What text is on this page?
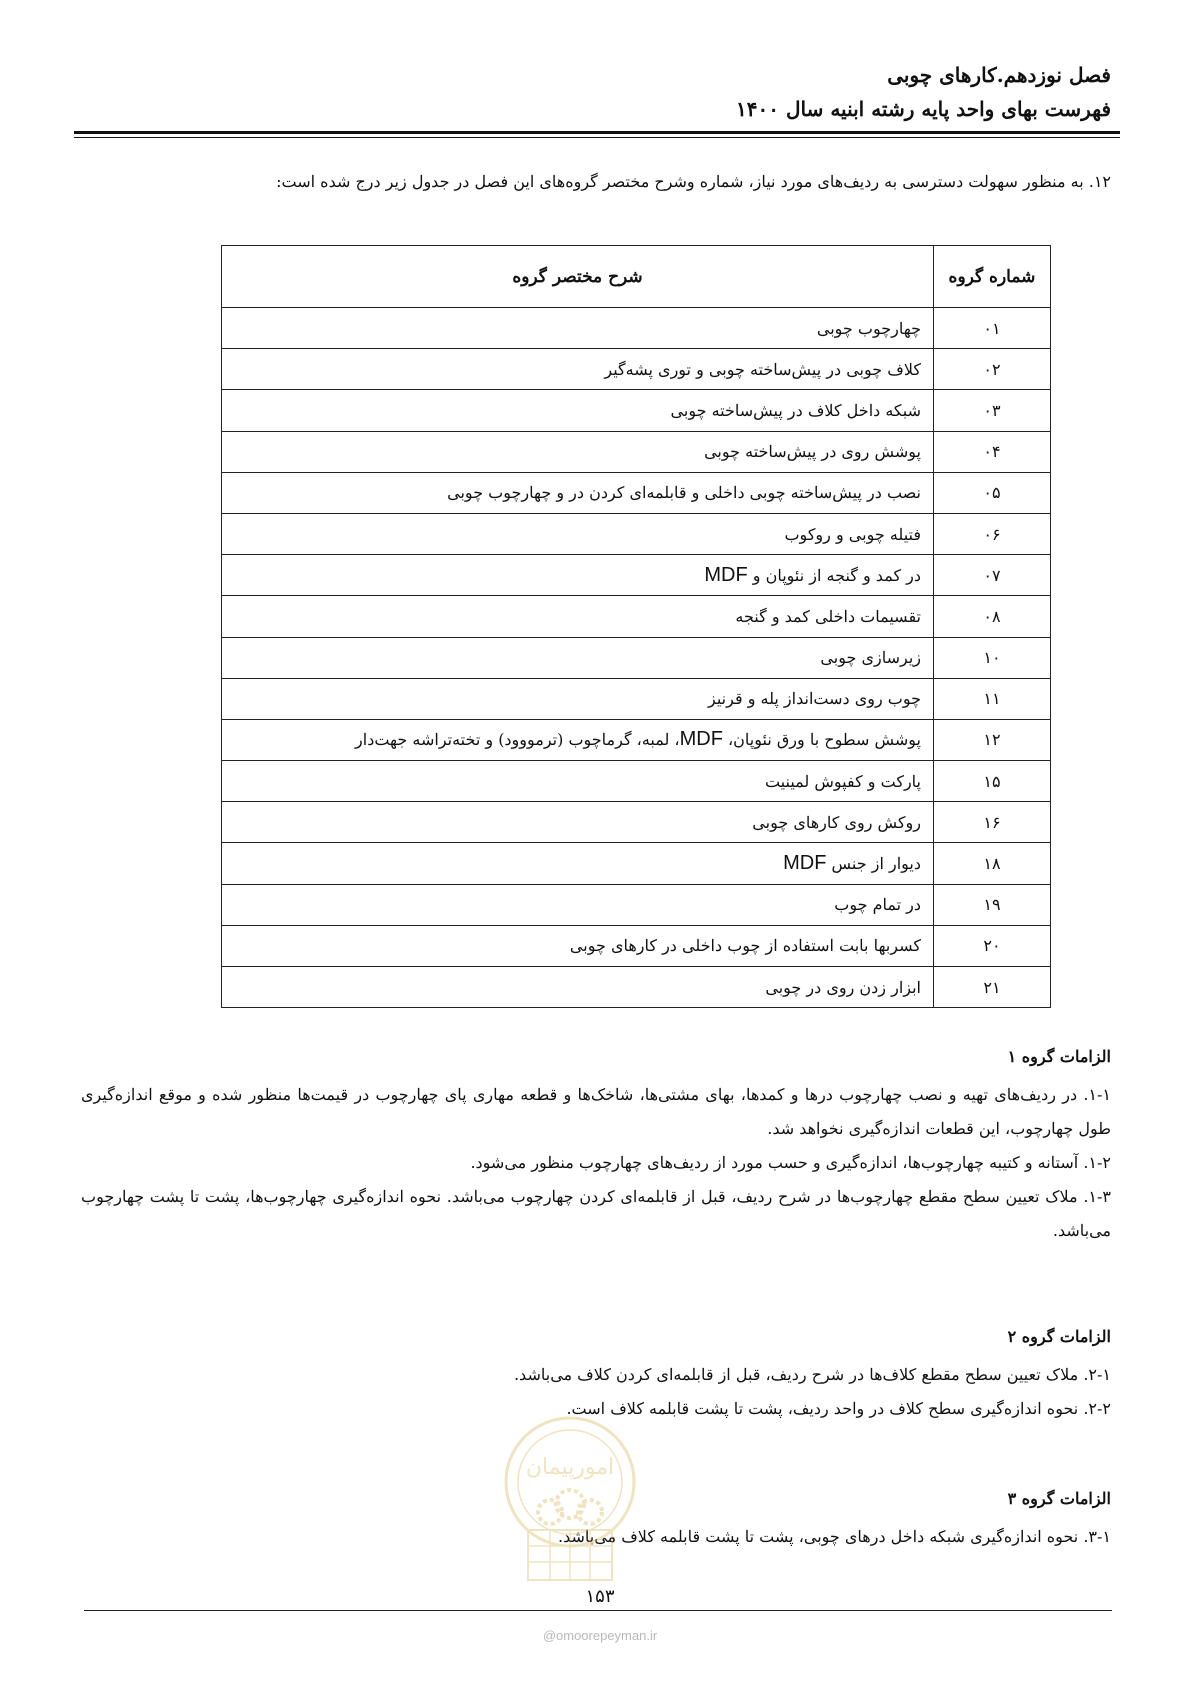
فصل نوزدهم.کارهای چوبی
فهرست بهای واحد پایه رشته ابنیه سال ۱۴۰۰

۱۲. به منظور سهولت دسترسی به ردیف‌های مورد نیاز، شماره وشرح مختصر گروه‌های این فصل در جدول زیر درج شده است:

شماره گروه	شرح مختصر گروه
۰۱	چهارچوب چوبی
۰۲	کلاف چوبی در پیش‌ساخته چوبی و توری پشه‌گیر
۰۳	شبکه داخل کلاف در پیش‌ساخته چوبی
۰۴	پوشش روی در پیش‌ساخته چوبی
۰۵	نصب در پیش‌ساخته چوبی داخلی و قابلمه‌ای کردن در و چهارچوب چوبی
۰۶	فتیله چوبی و روکوب
۰۷	در کمد و گنجه از نئوپان و MDF
۰۸	تقسیمات داخلی کمد و گنجه
۱۰	زیرسازی چوبی
۱۱	چوب روی دست‌انداز پله و قرنیز
۱۲	پوشش سطوح با ورق نئوپان، MDF، لمبه، گرماچوب (ترمووود) و تخته‌تراشه جهت‌دار
۱۵	پارکت و کفپوش لمینیت
۱۶	روکش روی کارهای چوبی
۱۸	دیوار از جنس MDF
۱۹	در تمام چوب
۲۰	کسربها بابت استفاده از چوب داخلی در کارهای چوبی
۲۱	ابزار زدن روی در چوبی
الزامات گروه ۱

۱-۱. در ردیف‌های تهیه و نصب چهارچوب درها و کمدها، بهای مشتی‌ها، شاخک‌ها و قطعه مهاری پای چهارچوب در قیمت‌ها منظور شده و موقع اندازه‌گیری طول چهارچوب، این قطعات اندازه‌گیری نخواهد شد.

۱-۲. آستانه و کتیبه چهارچوب‌ها، اندازه‌گیری و حسب مورد از ردیف‌های چهارچوب منظور می‌شود.

۱-۳. ملاک تعیین سطح مقطع چهارچوب‌ها در شرح ردیف، قبل از قابلمه‌ای کردن چهارچوب می‌باشد. نحوه اندازه‌گیری چهارچوب‌ها، پشت تا پشت چهارچوب می‌باشد.

الزامات گروه ۲

۲-۱. ملاک تعیین سطح مقطع کلاف‌ها در شرح ردیف، قبل از قابلمه‌ای کردن کلاف می‌باشد.

۲-۲. نحوه اندازه‌گیری سطح کلاف در واحد ردیف، پشت تا پشت قابلمه کلاف است.

الزامات گروه ۳

۳-۱. نحوه اندازه‌گیری شبکه داخل درهای چوبی، پشت تا پشت قابلمه کلاف می‌باشد.

امورپیمان
۱۵۳
@omoorepeyman.ir
